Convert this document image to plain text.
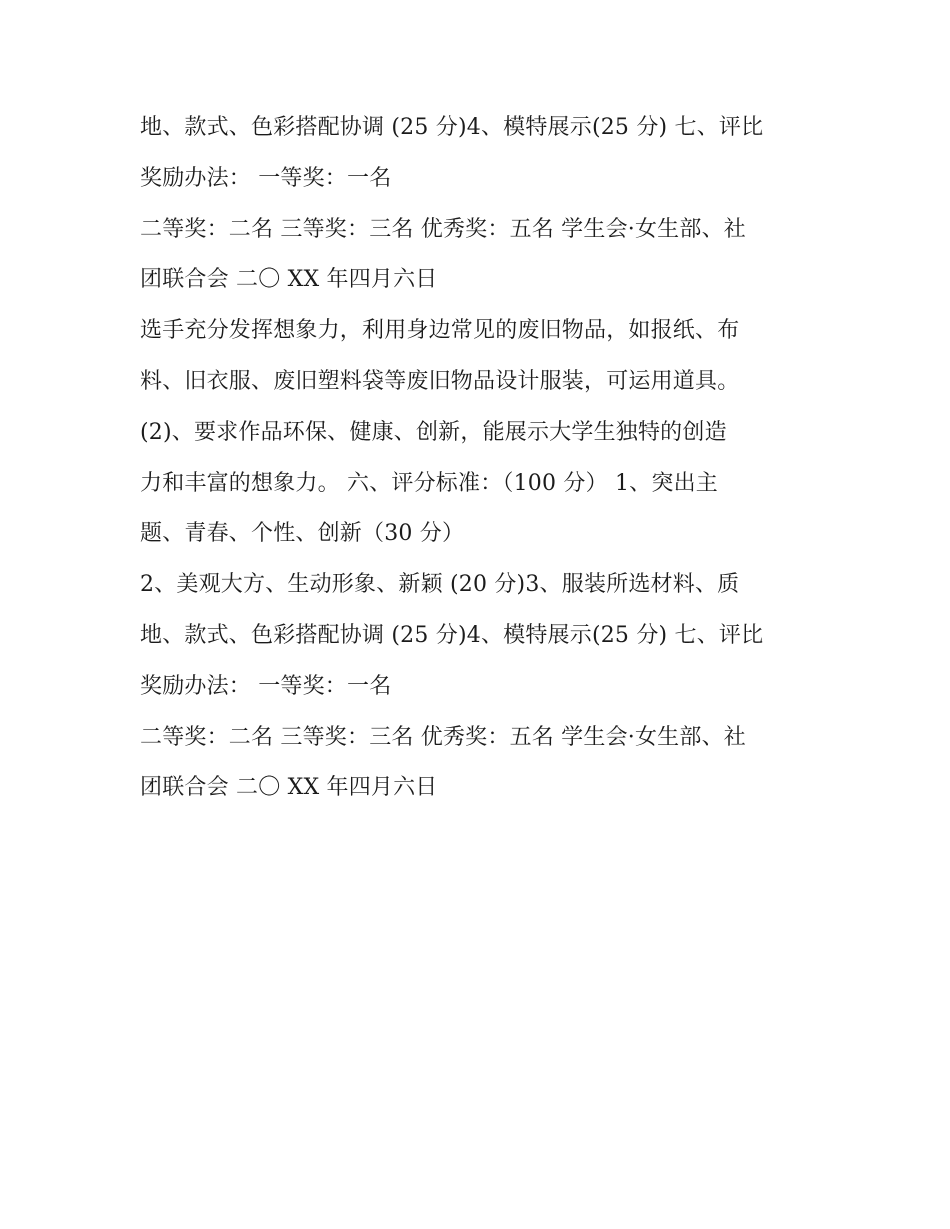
地、款式、色彩搭配协调 (25 分)4、模特展示(25 分) 七、评比
奖励办法： 一等奖：一名
二等奖：二名 三等奖：三名 优秀奖：五名 学生会·女生部、社
团联合会 二〇 XX 年四月六日
选手充分发挥想象力，利用身边常见的废旧物品，如报纸、布
料、旧衣服、废旧塑料袋等废旧物品设计服装，可运用道具。
(2)、要求作品环保、健康、创新，能展示大学生独特的创造
力和丰富的想象力。 六、评分标准：（100 分） 1、突出主
题、青春、个性、创新（30 分）
2、美观大方、生动形象、新颖 (20 分)3、服装所选材料、质
地、款式、色彩搭配协调 (25 分)4、模特展示(25 分) 七、评比
奖励办法： 一等奖：一名
二等奖：二名 三等奖：三名 优秀奖：五名 学生会·女生部、社
团联合会 二〇 XX 年四月六日
